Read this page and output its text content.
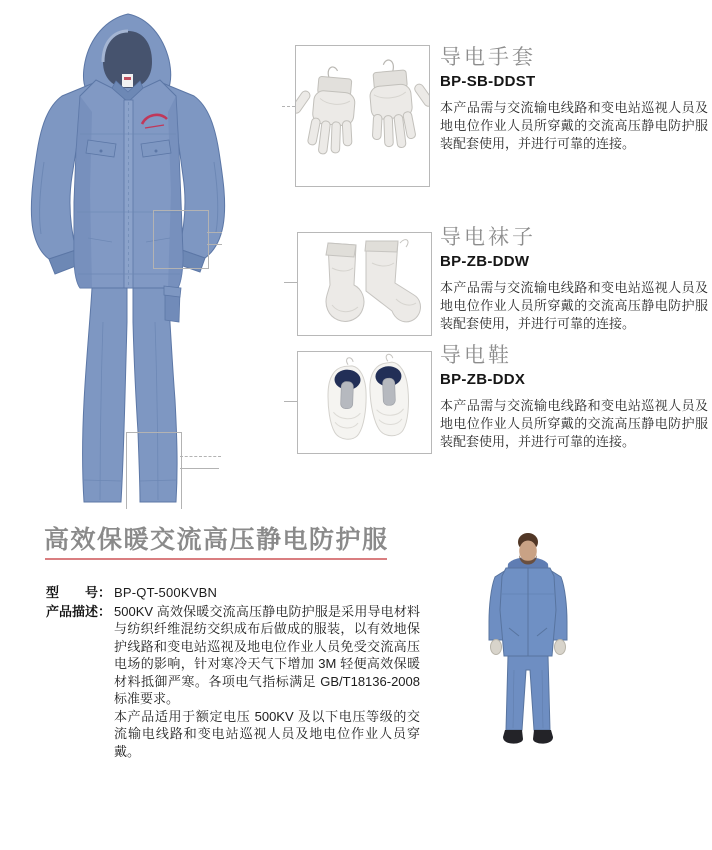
导电手套
BP-SB-DDST
本产品需与交流输电线路和变电站巡视人员及地电位作业人员所穿戴的交流高压静电防护服装配套使用，并进行可靠的连接。
导电袜子
BP-ZB-DDW
本产品需与交流输电线路和变电站巡视人员及地电位作业人员所穿戴的交流高压静电防护服装配套使用，并进行可靠的连接。
导电鞋
BP-ZB-DDX
本产品需与交流输电线路和变电站巡视人员及地电位作业人员所穿戴的交流高压静电防护服装配套使用，并进行可靠的连接。
高效保暖交流高压静电防护服
型　　号： BP-QT-500KVBN
产品描述： 500KV 高效保暖交流高压静电防护服是采用导电材料与纺织纤维混纺交织成布后做成的服装，以有效地保护线路和变电站巡视及地电位作业人员免受交流高压电场的影响，针对寒冷天气下增加 3M 轻便高效保暖材料抵御严寒。各项电气指标满足 GB/T18136-2008 标准要求。

本产品适用于额定电压 500KV 及以下电压等级的交流输电线路和变电站巡视人员及地电位作业人员穿戴。
